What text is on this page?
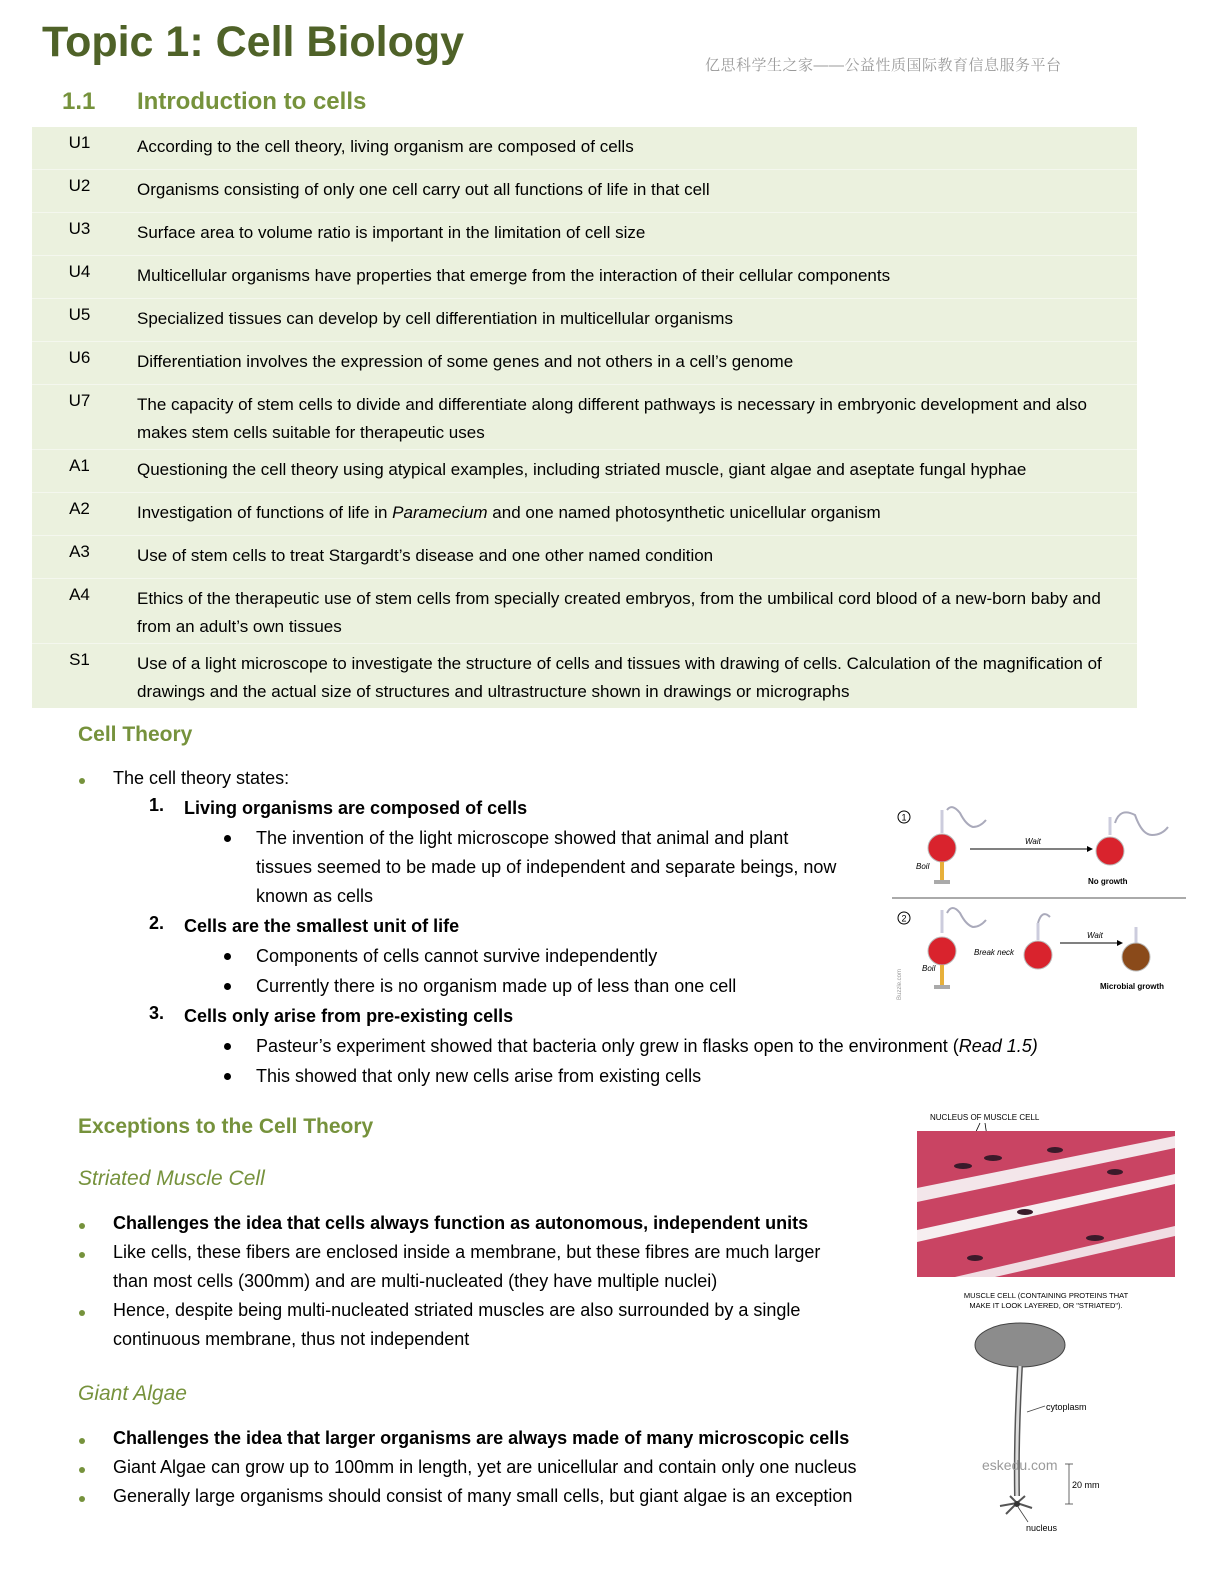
Topic 1: Cell Biology	亿思科学生之家——公益性质国际教育信息服务平台
1.1 Introduction to cells
U1	According to the cell theory, living organism are composed of cells
U2	Organisms consisting of only one cell carry out all functions of life in that cell
U3	Surface area to volume ratio is important in the limitation of cell size
U4	Multicellular organisms have properties that emerge from the interaction of their cellular components
U5	Specialized tissues can develop by cell differentiation in multicellular organisms
U6	Differentiation involves the expression of some genes and not others in a cell’s genome
U7	The capacity of stem cells to divide and differentiate along different pathways is necessary in embryonic development and also makes stem cells suitable for therapeutic uses
A1	Questioning the cell theory using atypical examples, including striated muscle, giant algae and aseptate fungal hyphae
A2	Investigation of functions of life in Paramecium and one named photosynthetic unicellular organism
A3	Use of stem cells to treat Stargardt’s disease and one other named condition
A4	Ethics of the therapeutic use of stem cells from specially created embryos, from the umbilical cord blood of a new-born baby and from an adult’s own tissues
S1	Use of a light microscope to investigate the structure of cells and tissues with drawing of cells. Calculation of the magnification of drawings and the actual size of structures and ultrastructure shown in drawings or micrographs
Cell Theory
The cell theory states:
1. Living organisms are composed of cells
The invention of the light microscope showed that animal and plant
tissues seemed to be made up of independent and separate beings, now
known as cells
2. Cells are the smallest unit of life
Components of cells cannot survive independently
Currently there is no organism made up of less than one cell
3. Cells only arise from pre-existing cells
Pasteur’s experiment showed that bacteria only grew in flasks open to the environment (Read 1.5)
This showed that only new cells arise from existing cells
Exceptions to the Cell Theory
Striated Muscle Cell
Challenges the idea that cells always function as autonomous, independent units
Like cells, these fibers are enclosed inside a membrane, but these fibres are much larger
than most cells (300mm) and are multi-nucleated (they have multiple nuclei)
Hence, despite being multi-nucleated striated muscles are also surrounded by a single
continuous membrane, thus not independent
Giant Algae
Challenges the idea that larger organisms are always made of many microscopic cells
Giant Algae can grow up to 100mm in length, yet are unicellular and contain only one nucleus
Generally large organisms should consist of many small cells, but giant algae is an exception
1
Boil
Wait
No growth
2
Boil
Break neck
Wait
Microbial growth
Buzzle.com
NUCLEUS OF MUSCLE CELL
MUSCLE CELL (CONTAINING PROTEINS THAT
MAKE IT LOOK LAYERED, OR "STRIATED").
cytoplasm
eskedu.com
20 mm
nucleus
